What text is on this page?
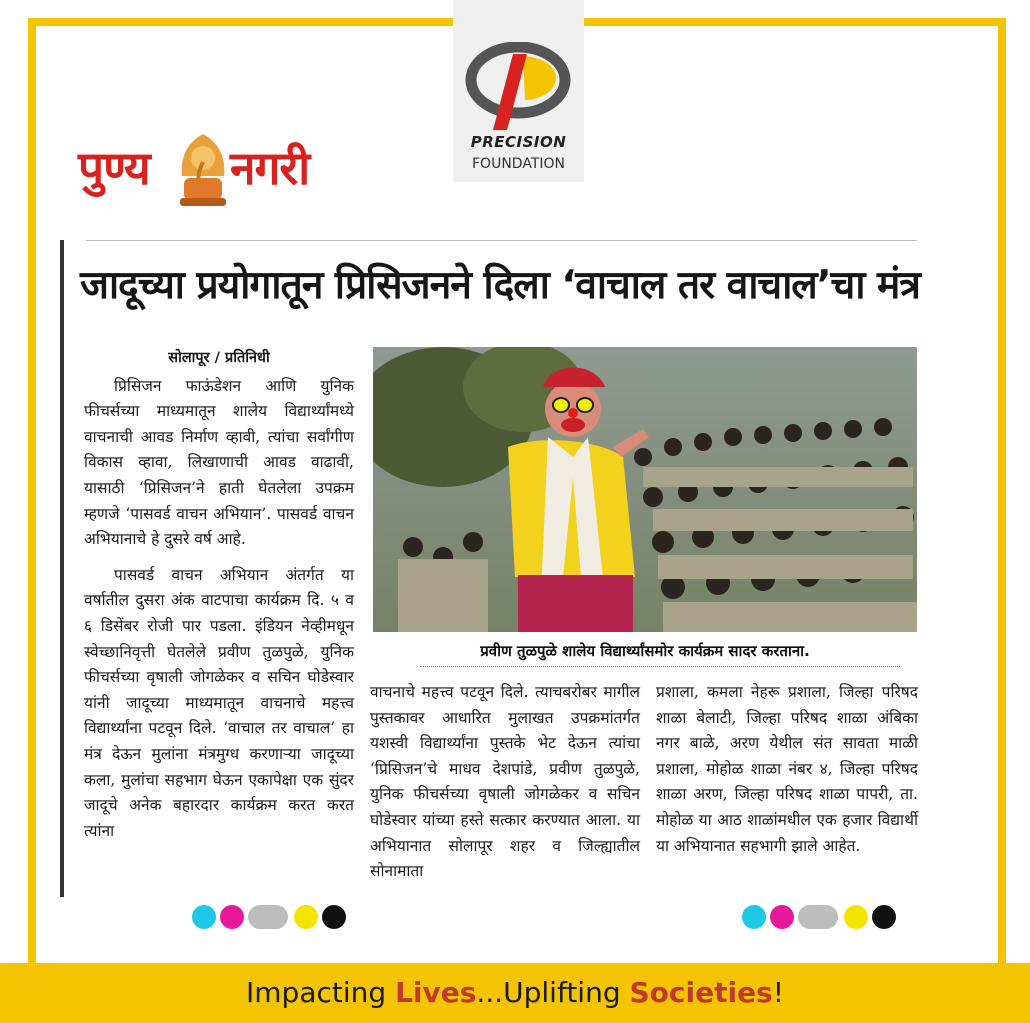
PRECISION
FOUNDATION
पुण्य नगरी
जादूच्या प्रयोगातून प्रिसिजनने दिला ‘वाचाल तर वाचाल’चा मंत्र

सोलापूर / प्रतिनिधी

प्रिसिजन फाऊंडेशन आणि युनिक फीचर्सच्या माध्यमातून शालेय विद्यार्थ्यांमध्ये वाचनाची आवड निर्माण व्हावी, त्यांचा सर्वांगीण विकास व्हावा, लिखाणाची आवड वाढावी, यासाठी ‘प्रिसिजन’ने हाती घेतलेला उपक्रम म्हणजे ‘पासवर्ड वाचन अभियान’. पासवर्ड वाचन अभियानाचे हे दुसरे वर्ष आहे.

पासवर्ड वाचन अभियान अंतर्गत या वर्षातील दुसरा अंक वाटपाचा कार्यक्रम दि. ५ व ६ डिसेंबर रोजी पार पडला. इंडियन नेव्हीमधून स्वेच्छानिवृत्ती घेतलेले प्रवीण तुळपुळे, युनिक फीचर्सच्या वृषाली जोगळेकर व सचिन घोडेस्वार यांनी जादूच्या माध्यमातून वाचनाचे महत्त्व विद्यार्थ्यांना पटवून दिले. ‘वाचाल तर वाचाल’ हा मंत्र देऊन मुलांना मंत्रमुग्ध करणाऱ्या जादूच्या कला, मुलांचा सहभाग घेऊन एकापेक्षा एक सुंदर जादूचे अनेक बहारदार कार्यक्रम करत करत त्यांना

प्रवीण तुळपुळे शालेय विद्यार्थ्यांसमोर कार्यक्रम सादर करताना.

वाचनाचे महत्त्व पटवून दिले. त्याचबरोबर मागील पुस्तकावर आधारित मुलाखत उपक्रमांतर्गत यशस्वी विद्यार्थ्यांना पुस्तके भेट देऊन त्यांचा ‘प्रिसिजन’चे माधव देशपांडे, प्रवीण तुळपुळे, युनिक फीचर्सच्या वृषाली जोगळेकर व सचिन घोडेस्वार यांच्या हस्ते सत्कार करण्यात आला. या अभियानात सोलापूर शहर व जिल्ह्यातील सोनामाता

प्रशाला, कमला नेहरू प्रशाला, जिल्हा परिषद शाळा बेलाटी, जिल्हा परिषद शाळा अंबिका नगर बाळे, अरण येथील संत सावता माळी प्रशाला, मोहोळ शाळा नंबर ४, जिल्हा परिषद शाळा अरण, जिल्हा परिषद शाळा पापरी, ता. मोहोळ या आठ शाळांमधील एक हजार विद्यार्थी या अभियानात सहभागी झाले आहेत.

Impacting Lives...Uplifting Societies!
